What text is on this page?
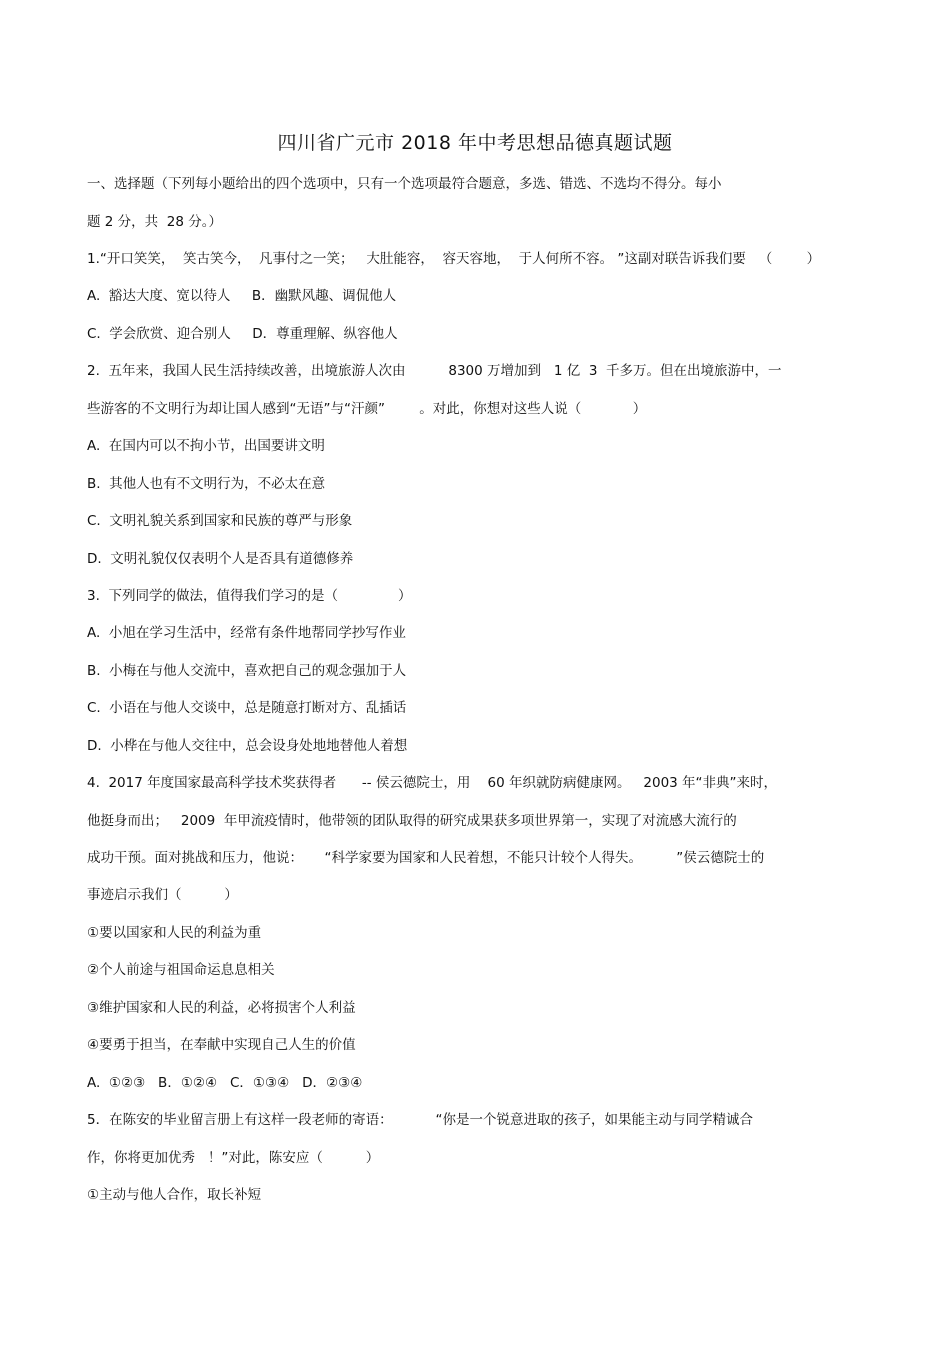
四川省广元市 2018 年中考思想品德真题试题
一、选择题（下列每小题给出的四个选项中，只有一个选项最符合题意，多选、错选、不选均不得分。每小
题 2 分，共  28 分。）
1.“开口笑笑，  笑古笑今，  凡事付之一笑；   大肚能容，  容天容地，  于人何所不容。 ”这副对联告诉我们要   （        ）
A.  豁达大度、宽以待人     B．幽默风趣、调侃他人
C.  学会欣赏、迎合别人     D．尊重理解、纵容他人
2.  五年来，我国人民生活持续改善，出境旅游人次由          8300 万增加到   1 亿  3  千多万。但在出境旅游中，一
些游客的不文明行为却让国人感到“无语”与“汗颜”        。对此，你想对这些人说（            ）
A.  在国内可以不拘小节，出国要讲文明
B.  其他人也有不文明行为，不必太在意
C.  文明礼貌关系到国家和民族的尊严与形象
D.  文明礼貌仅仅表明个人是否具有道德修养
3.  下列同学的做法，值得我们学习的是（              ）
A.  小旭在学习生活中，经常有条件地帮同学抄写作业
B.  小梅在与他人交流中，喜欢把自己的观念强加于人
C.  小语在与他人交谈中，总是随意打断对方、乱插话
D.  小桦在与他人交往中，总会设身处地地替他人着想
4.  2017 年度国家最高科学技术奖获得者      -- 侯云德院士，用    60 年织就防病健康网。   2003 年“非典”来时，
他挺身而出；   2009  年甲流疫情时，他带领的团队取得的研究成果获多项世界第一，实现了对流感大流行的
成功干预。面对挑战和压力，他说：     “科学家要为国家和人民着想，不能只计较个人得失。        ”侯云德院士的
事迹启示我们（          ）
①要以国家和人民的利益为重
②个人前途与祖国命运息息相关
③维护国家和人民的利益，必将损害个人利益
④要勇于担当，在奉献中实现自己人生的价值
A.  ①②③   B．①②④   C．①③④   D．②③④
5．在陈安的毕业留言册上有这样一段老师的寄语：          “你是一个锐意进取的孩子，如果能主动与同学精诚合
作，你将更加优秀   ！”对此，陈安应（          ）
①主动与他人合作，取长补短
